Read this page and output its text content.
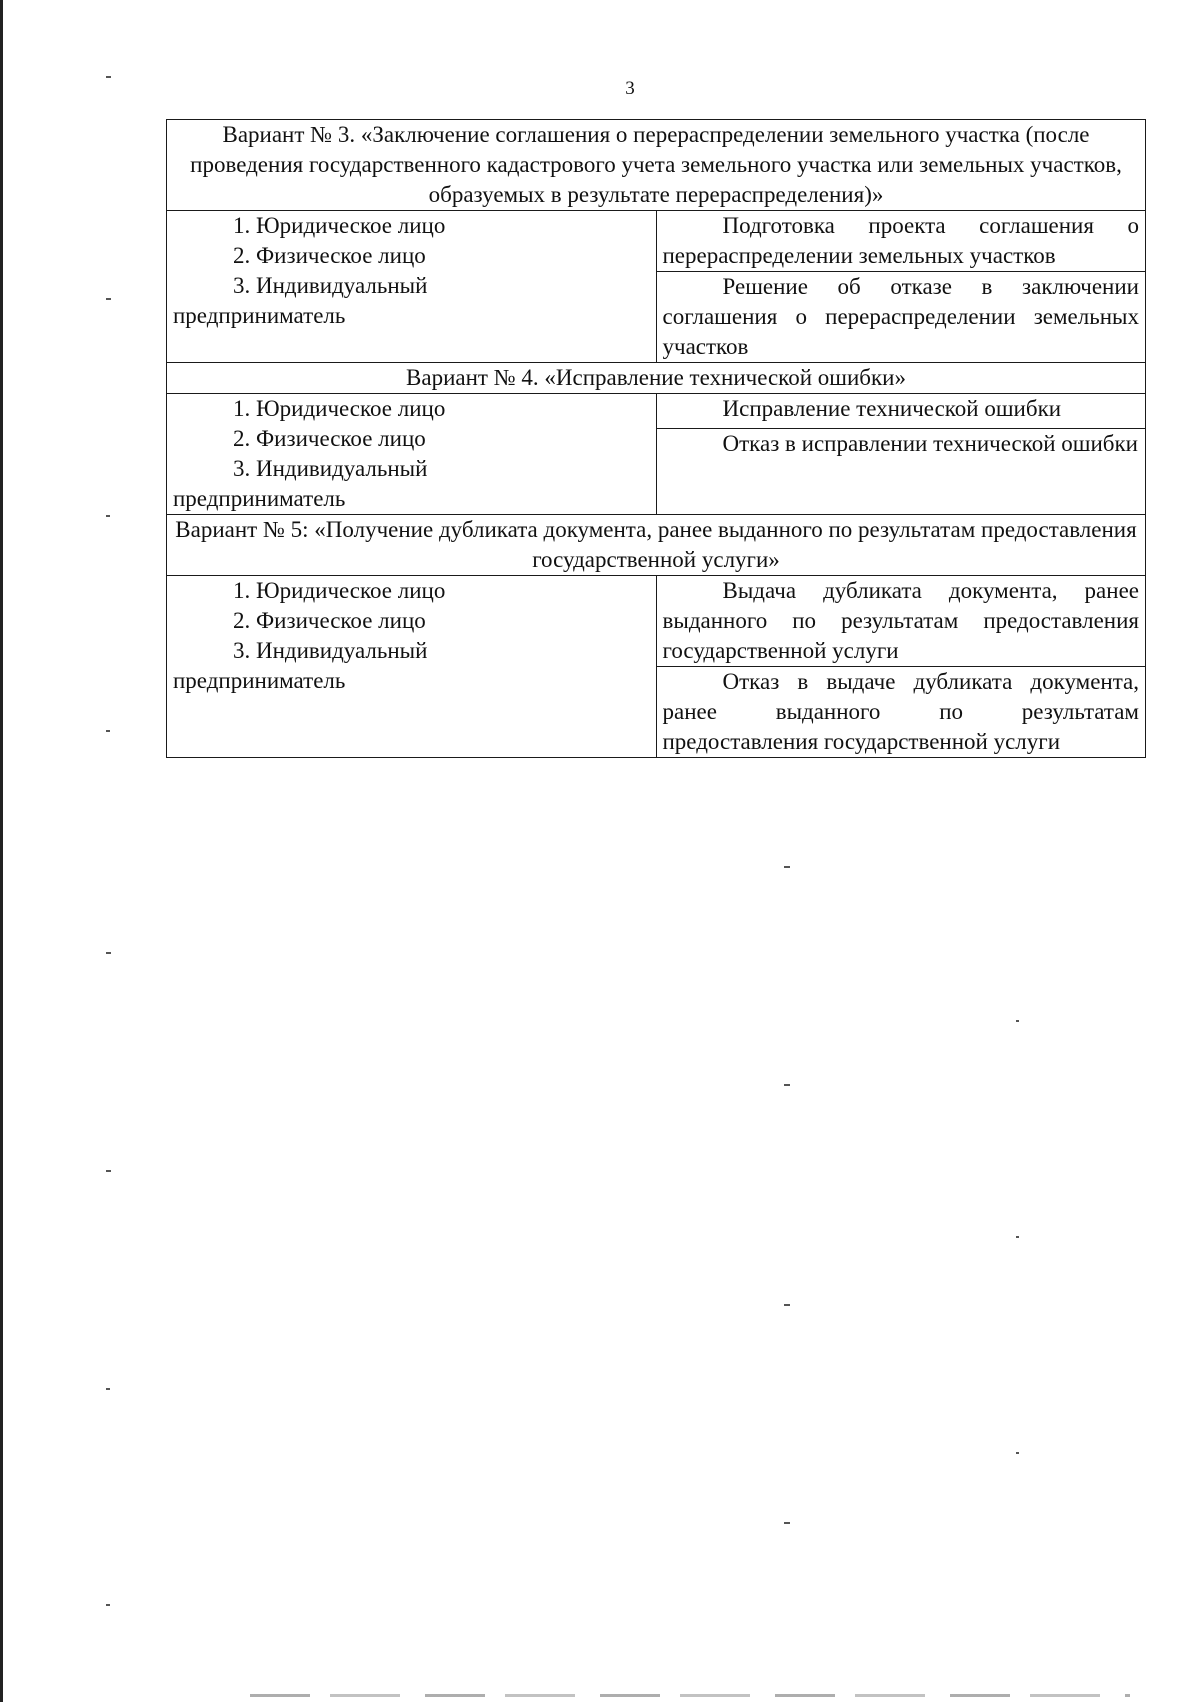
3
Вариант № 3. «Заключение соглашения о перераспределении земельного участка (после проведения государственного кадастрового учета земельного участка или земельных участков, образуемых в результате перераспределения)»	

1. Юридическое лицо
2. Физическое лицо
3. Индивидуальный
предприниматель	Подготовка проекта соглашения о перераспределении земельных участков
	Решение об отказе в заключении соглашения о перераспределении земельных участков
Вариант № 4. «Исправление технической ошибки»	

1. Юридическое лицо
2. Физическое лицо
3. Индивидуальный
предприниматель	Исправление технической ошибки
	Отказ в исправлении технической ошибки
Вариант № 5: «Получение дубликата документа, ранее выданного по результатам предоставления государственной услуги»	

1. Юридическое лицо
2. Физическое лицо
3. Индивидуальный
предприниматель	Выдача дубликата документа, ранее выданного по результатам предоставления государственной услуги
	Отказ в выдаче дубликата документа, ранее выданного по результатам предоставления государственной услуги
